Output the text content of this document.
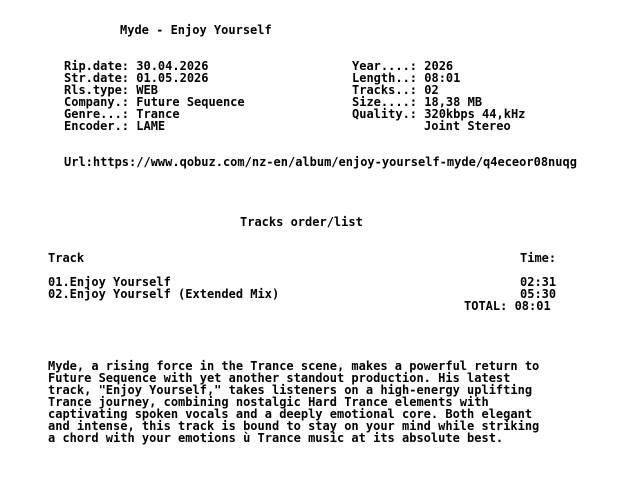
Myde - Enjoy Yourself
Rip.date: 30.04.2026
Str.date: 01.05.2026
Rls.type: WEB
Company.: Future Sequence
Genre...: Trance
Encoder.: LAME
Year....: 2026
Length..: 08:01
Tracks..: 02
Size....: 18,38 MB
Quality.: 320kbps 44,kHz
Joint Stereo
Url:https://www.qobuz.com/nz-en/album/enjoy-yourself-myde/q4eceor08nuqg
Tracks order/list
Track	Time:
01.Enjoy Yourself	02:31
02.Enjoy Yourself (Extended Mix)	05:30
TOTAL: 08:01
Myde, a rising force in the Trance scene, makes a powerful return to
Future Sequence with yet another standout production. His latest
track, "Enjoy Yourself," takes listeners on a high-energy uplifting
Trance journey, combining nostalgic Hard Trance elements with
captivating spoken vocals and a deeply emotional core. Both elegant
and intense, this track is bound to stay on your mind while striking
a chord with your emotions ù Trance music at its absolute best.
